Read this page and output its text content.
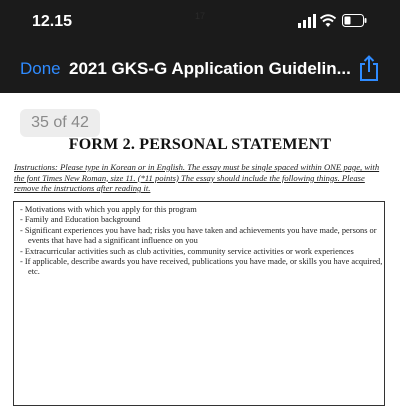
12.15	17
Done 2021 GKS-G Application Guidelin...
35 of 42
FORM 2. PERSONAL STATEMENT
Instructions: Please type in Korean or in English. The essay must be single spaced within ONE page, with the font Times New Roman, size 11. (*11 points) The essay should include the following things. Please remove the instructions after reading it.
- Motivations with which you apply for this program
- Family and Education background
- Significant experiences you have had; risks you have taken and achievements you have made, persons or events that have had a significant influence on you
- Extracurricular activities such as club activities, community service activities or work experiences
- If applicable, describe awards you have received, publications you have made, or skills you have acquired, etc.
